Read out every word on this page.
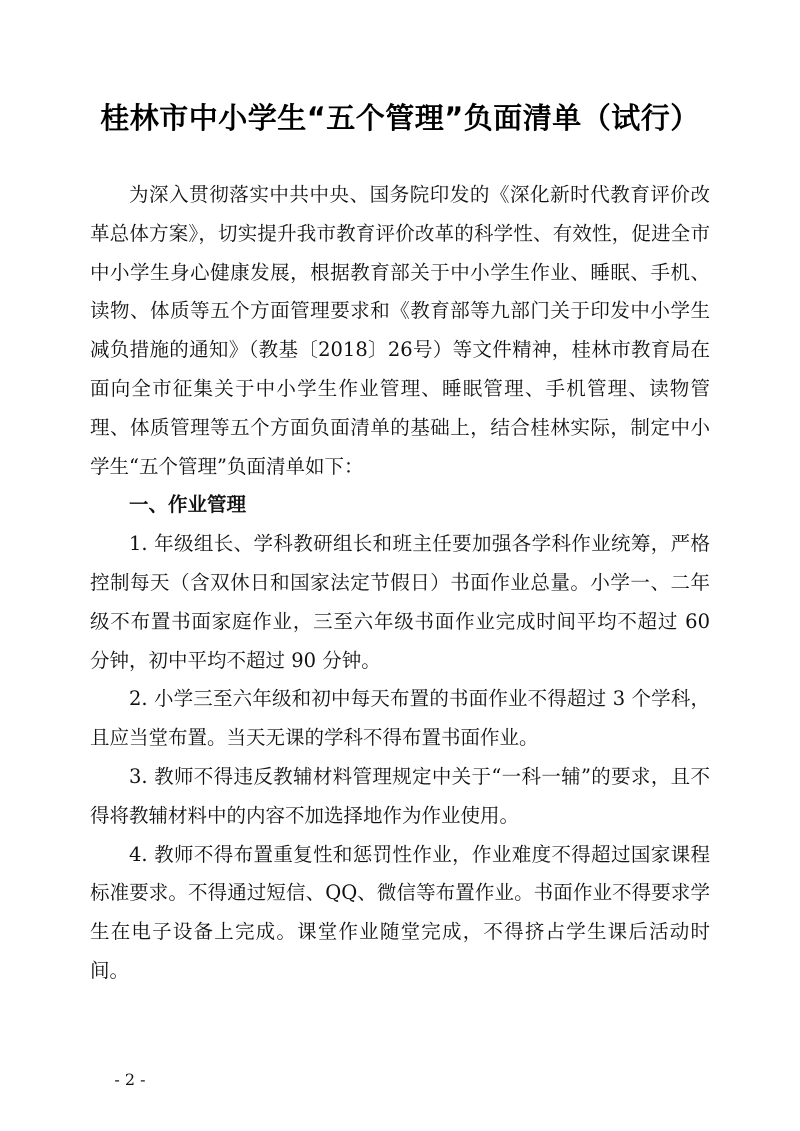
桂林市中小学生“五个管理”负面清单（试行）

为深入贯彻落实中共中央、国务院印发的《深化新时代教育评价改革总体方案》，切实提升我市教育评价改革的科学性、有效性，促进全市中小学生身心健康发展，根据教育部关于中小学生作业、睡眠、手机、读物、体质等五个方面管理要求和《教育部等九部门关于印发中小学生减负措施的通知》（教基〔2018〕26号）等文件精神，桂林市教育局在面向全市征集关于中小学生作业管理、睡眠管理、手机管理、读物管理、体质管理等五个方面负面清单的基础上，结合桂林实际，制定中小学生“五个管理”负面清单如下：

一、作业管理

1. 年级组长、学科教研组长和班主任要加强各学科作业统筹，严格控制每天（含双休日和国家法定节假日）书面作业总量。小学一、二年级不布置书面家庭作业，三至六年级书面作业完成时间平均不超过 60 分钟，初中平均不超过 90 分钟。

2. 小学三至六年级和初中每天布置的书面作业不得超过 3 个学科，且应当堂布置。当天无课的学科不得布置书面作业。

3. 教师不得违反教辅材料管理规定中关于“一科一辅”的要求，且不得将教辅材料中的内容不加选择地作为作业使用。

4. 教师不得布置重复性和惩罚性作业，作业难度不得超过国家课程标准要求。不得通过短信、QQ、微信等布置作业。书面作业不得要求学生在电子设备上完成。课堂作业随堂完成，不得挤占学生课后活动时间。

- 2 -
